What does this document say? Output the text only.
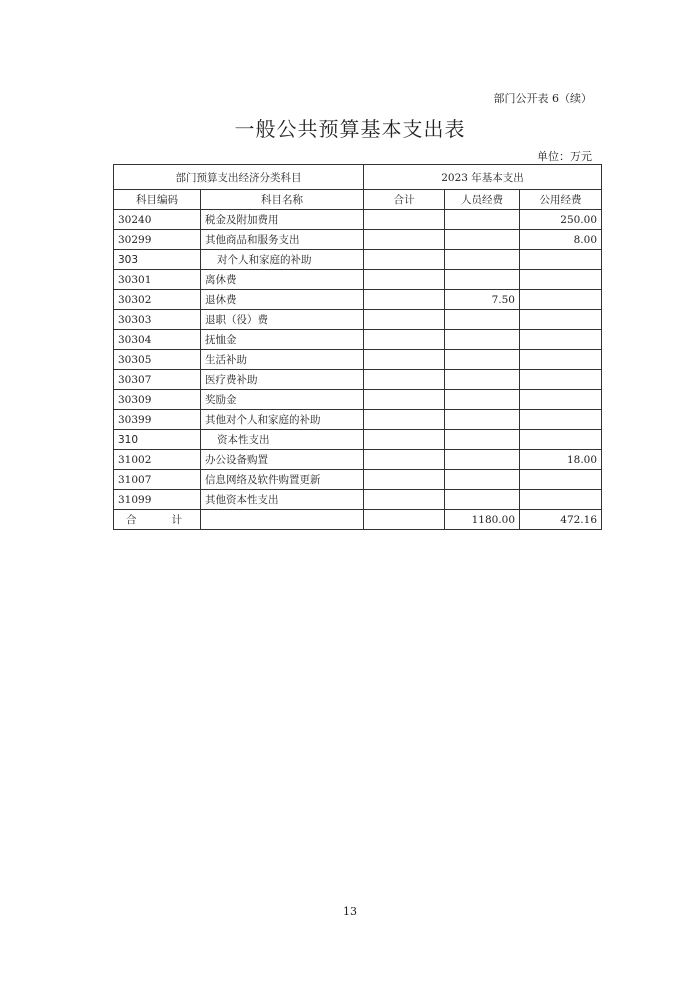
部门公开表 6（续）
一般公共预算基本支出表
单位：万元
部门预算支出经济分类科目		2023 年基本支出		
科目编码	科目名称	合计	人员经费	公用经费
30240	税金及附加费用			250.00
30299	其他商品和服务支出			8.00
303	对个人和家庭的补助			
30301	离休费			
30302	退休费		7.50	
30303	退职（役）费			
30304	抚恤金			
30305	生活补助			
30307	医疗费补助			
30309	奖励金			
30399	其他对个人和家庭的补助			
310	资本性支出			
31002	办公设备购置			18.00
31007	信息网络及软件购置更新			
31099	其他资本性支出			

合 计			1180.00	472.16
13
